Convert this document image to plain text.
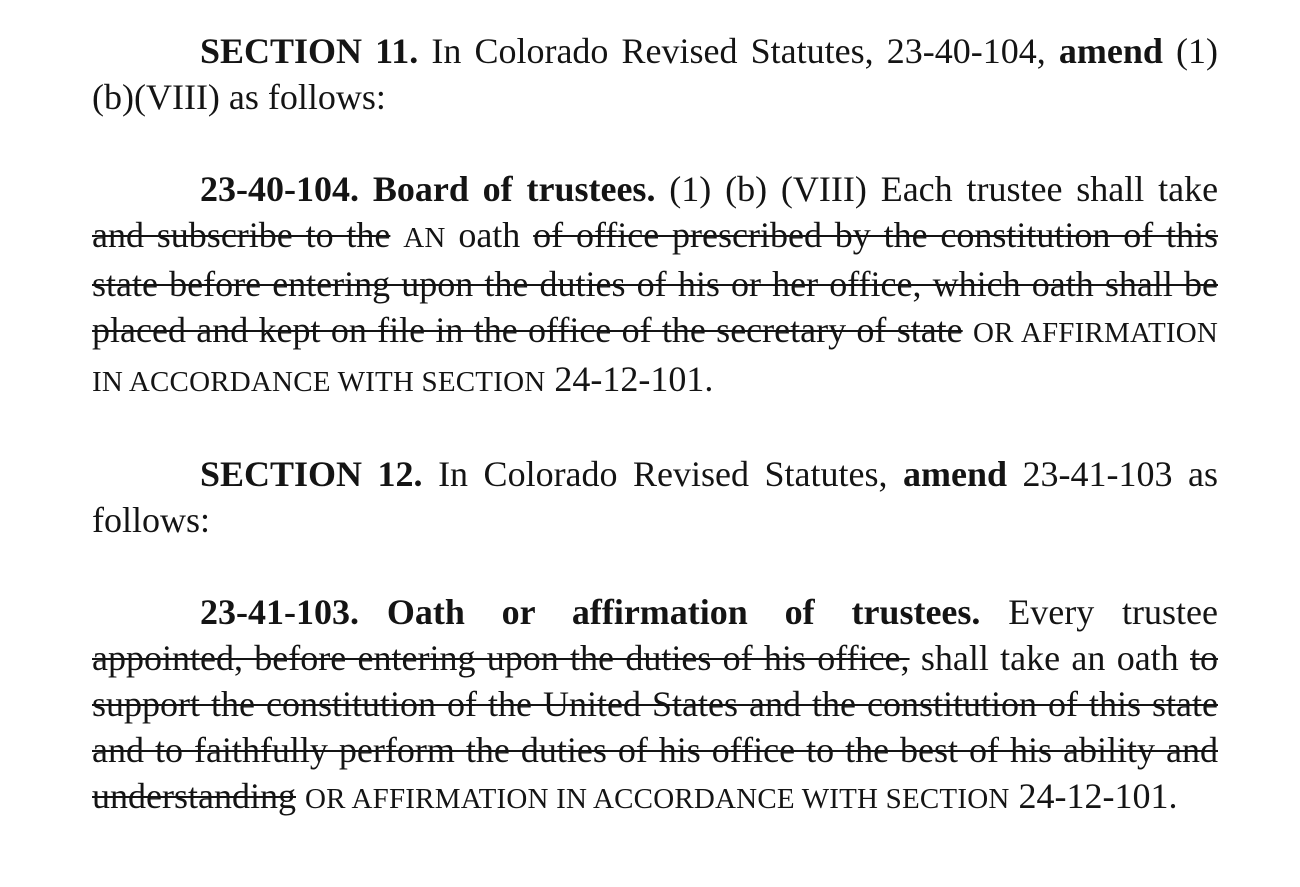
SECTION 11. In Colorado Revised Statutes, 23-40-104, amend (1)(b)(VIII) as follows:

23-40-104. Board of trustees. (1) (b) (VIII) Each trustee shall take and subscribe to the AN oath of office prescribed by the constitution of this state before entering upon the duties of his or her office, which oath shall be placed and kept on file in the office of the secretary of state OR AFFIRMATION IN ACCORDANCE WITH SECTION 24-12-101.

SECTION 12. In Colorado Revised Statutes, amend 23-41-103 as follows:

23-41-103. Oath or affirmation of trustees. Every trustee appointed, before entering upon the duties of his office, shall take an oath to support the constitution of the United States and the constitution of this state and to faithfully perform the duties of his office to the best of his ability and understanding OR AFFIRMATION IN ACCORDANCE WITH SECTION 24-12-101.
